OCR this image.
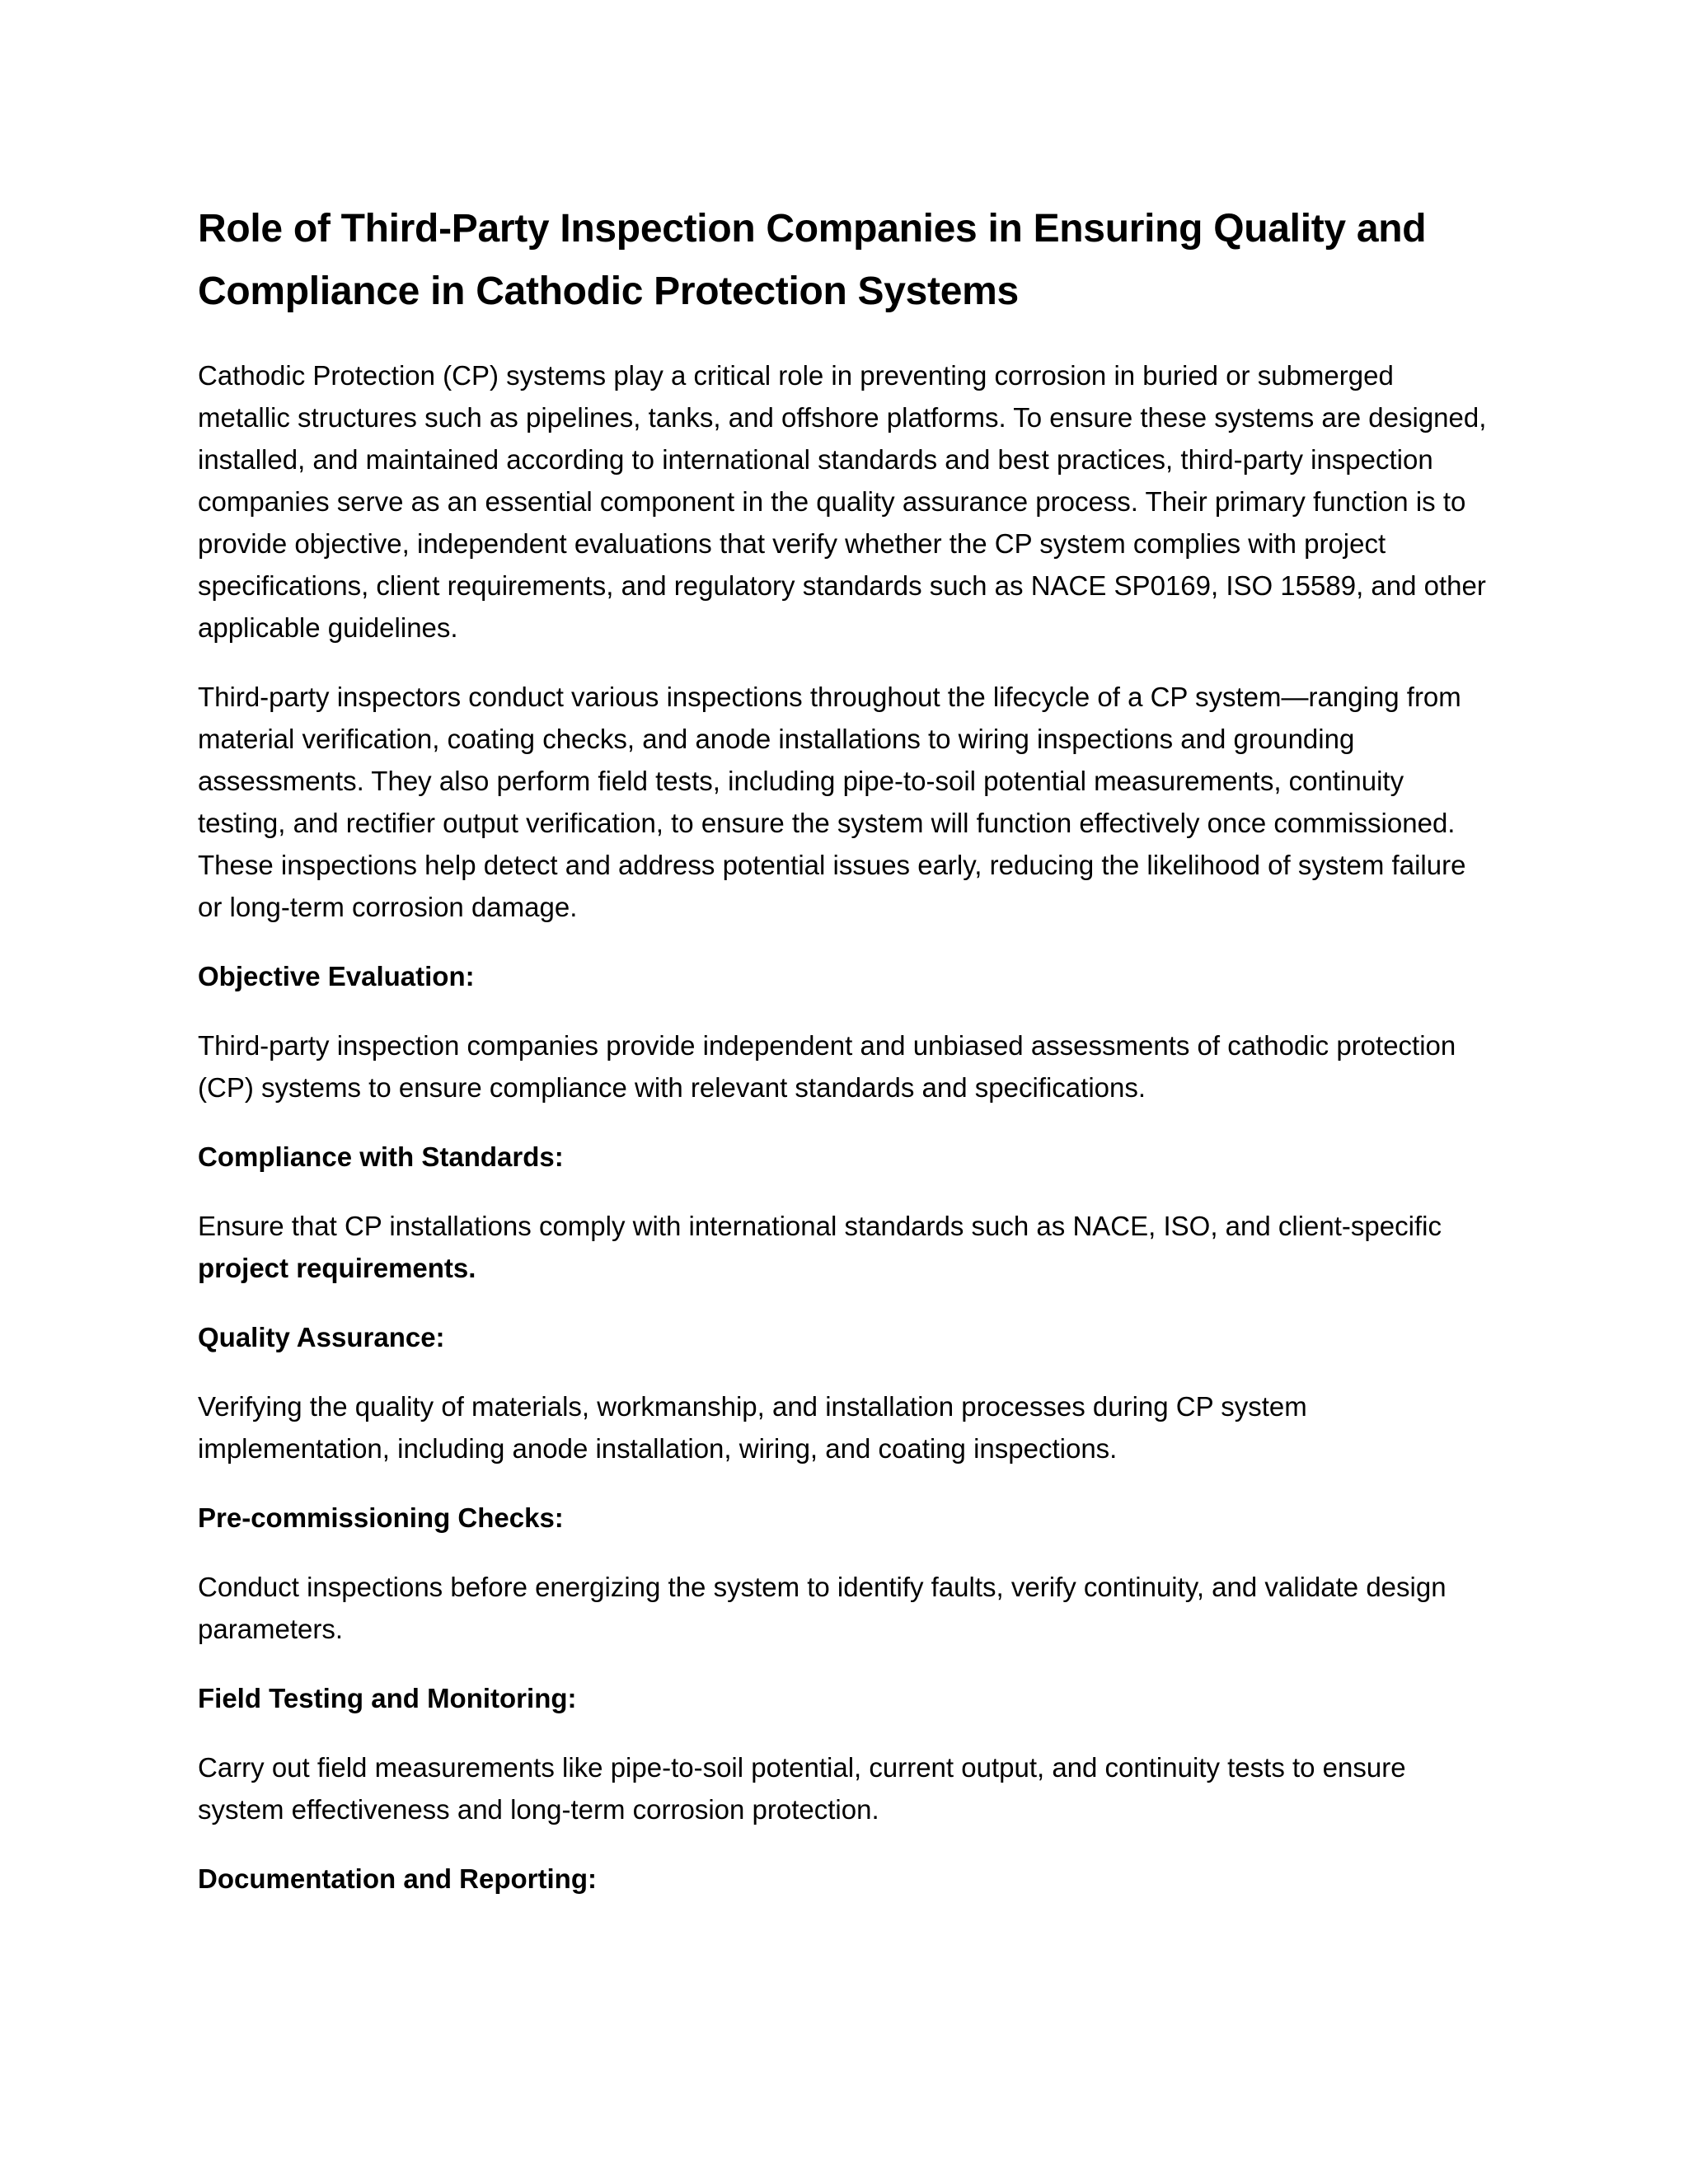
Role of Third-Party Inspection Companies in Ensuring Quality and Compliance in Cathodic Protection Systems

Cathodic Protection (CP) systems play a critical role in preventing corrosion in buried or submerged metallic structures such as pipelines, tanks, and offshore platforms. To ensure these systems are designed, installed, and maintained according to international standards and best practices, third-party inspection companies serve as an essential component in the quality assurance process. Their primary function is to provide objective, independent evaluations that verify whether the CP system complies with project specifications, client requirements, and regulatory standards such as NACE SP0169, ISO 15589, and other applicable guidelines.

Third-party inspectors conduct various inspections throughout the lifecycle of a CP system—ranging from material verification, coating checks, and anode installations to wiring inspections and grounding assessments. They also perform field tests, including pipe-to-soil potential measurements, continuity testing, and rectifier output verification, to ensure the system will function effectively once commissioned. These inspections help detect and address potential issues early, reducing the likelihood of system failure or long-term corrosion damage.

Objective Evaluation:

Third-party inspection companies provide independent and unbiased assessments of cathodic protection (CP) systems to ensure compliance with relevant standards and specifications.

Compliance with Standards:

Ensure that CP installations comply with international standards such as NACE, ISO, and client-specific project requirements.

Quality Assurance:

Verifying the quality of materials, workmanship, and installation processes during CP system implementation, including anode installation, wiring, and coating inspections.

Pre-commissioning Checks:

Conduct inspections before energizing the system to identify faults, verify continuity, and validate design parameters.

Field Testing and Monitoring:

Carry out field measurements like pipe-to-soil potential, current output, and continuity tests to ensure system effectiveness and long-term corrosion protection.

Documentation and Reporting:
